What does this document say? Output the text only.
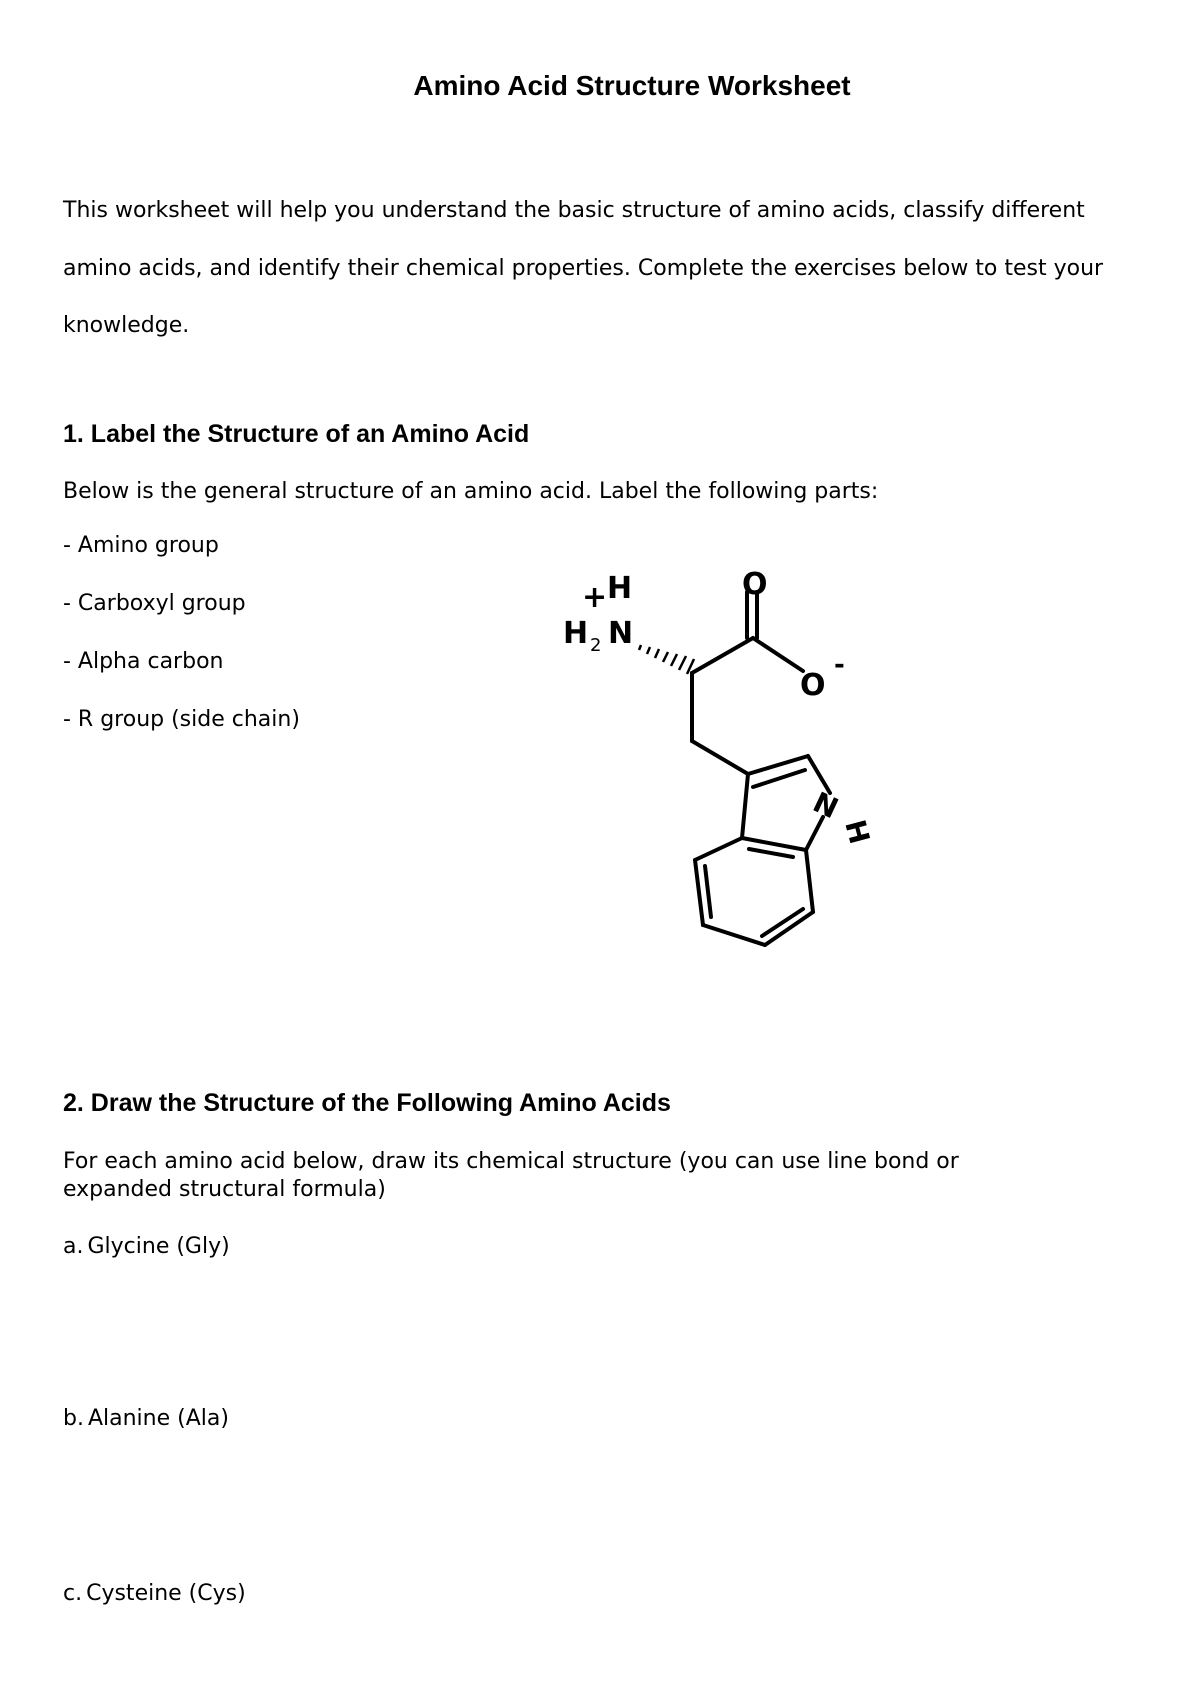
Amino Acid Structure Worksheet

This worksheet will help you understand the basic structure of amino acids, classify different amino acids, and identify their chemical properties. Complete the exercises below to test your knowledge.

1. Label the Structure of an Amino Acid

Below is the general structure of an amino acid. Label the following parts:

- Amino group
- Carboxyl group
- Alpha carbon
- R group (side chain)
O
O
-
+ H
H 2 N
N
H
2. Draw the Structure of the Following Amino Acids

For each amino acid below, draw its chemical structure (you can use line bond or expanded structural formula)

a. Glycine (Gly)

b. Alanine (Ala)

c. Cysteine (Cys)
